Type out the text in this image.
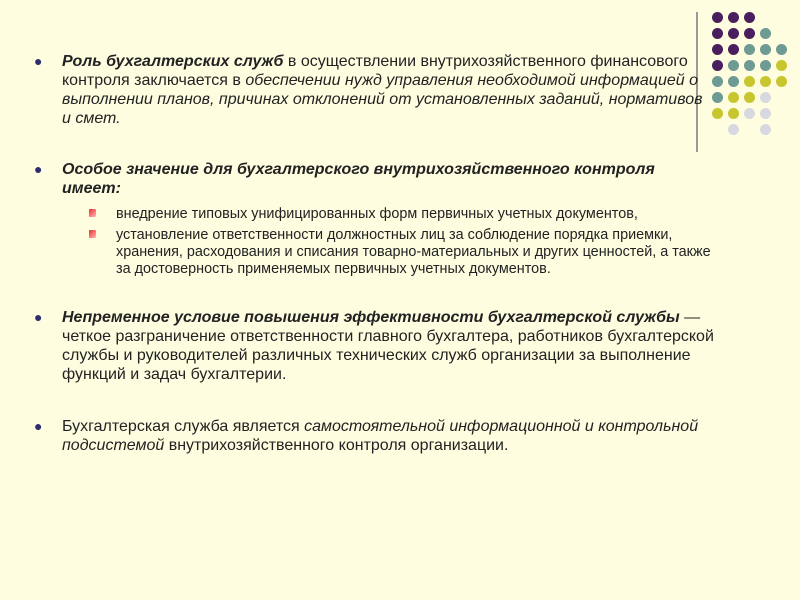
● Роль бухгалтерских служб в осуществлении внутрихозяйственного финансового контроля заключается в обеспечении нужд управления необходимой информацией о выполнении планов, причинах отклонений от установленных заданий, нормативов и смет.

● Особое значение для бухгалтерского внутрихозяйственного контроля имеет:

внедрение типовых унифицированных форм первичных учетных документов,
установление ответственности должностных лиц за соблюдение порядка приемки, хранения, расходования и списания товарно-материальных и других ценностей, а также за достоверность применяемых первичных учетных документов.

● Непременное условие повышения эффективности бухгалтерской службы — четкое разграничение ответственности главного бухгалтера, работников бухгалтерской службы и руководителей различных технических служб организации за выполнение функций и задач бухгалтерии.

● Бухгалтерская служба является самостоятельной информационной и контрольной подсистемой внутрихозяйственного контроля организации.
